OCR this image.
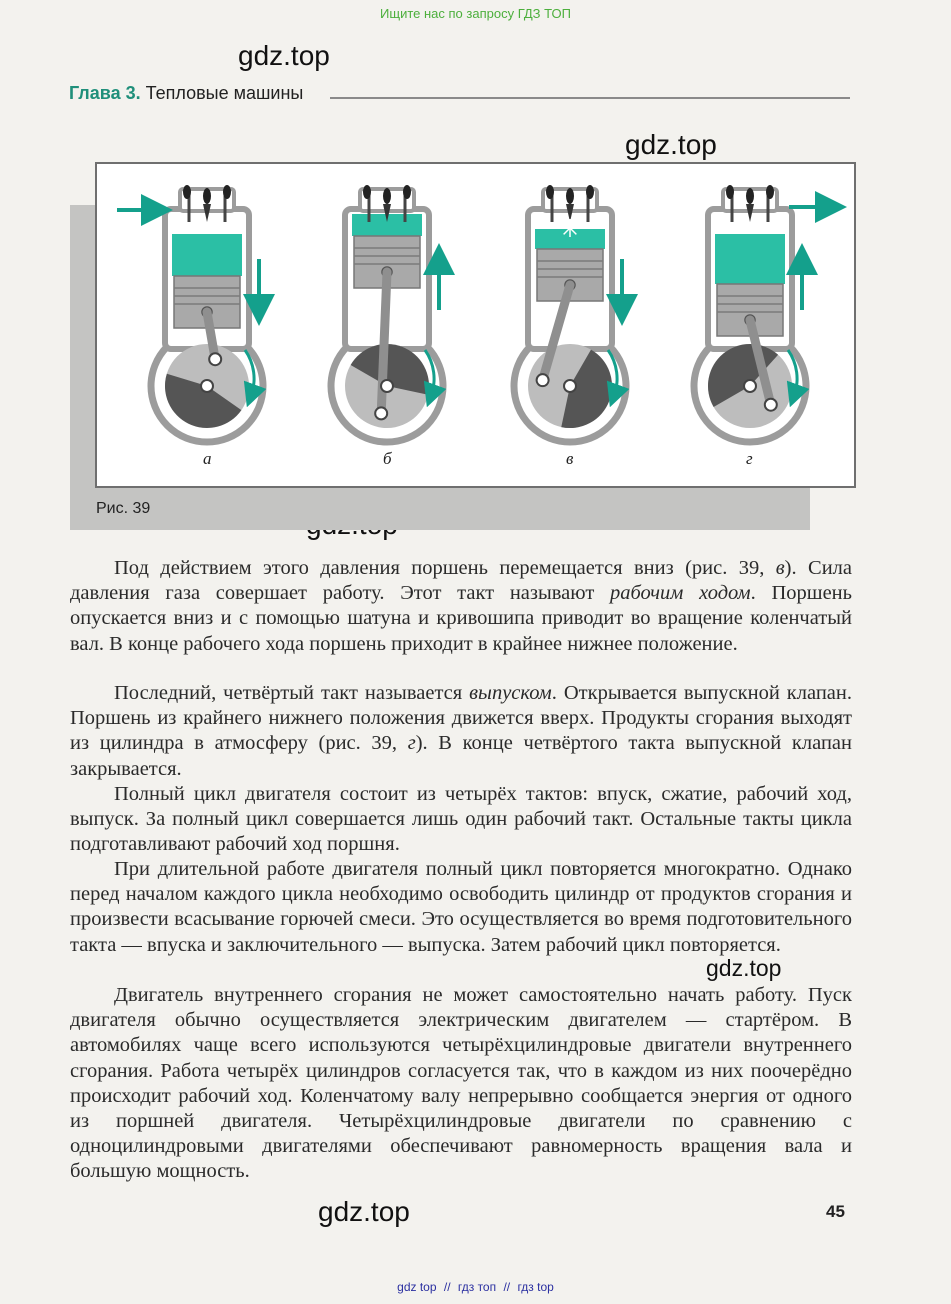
Ищите нас по запросу ГДЗ ТОП
gdz.top
gdz.top
gdz.top
gdz.top
Глава 3. Тепловые машины
а	б	в	г
Рис. 39

Под действием этого давления поршень перемещается вниз (рис. 39, в). Сила давления газа совершает работу. Этот такт называют рабочим ходом. Поршень опускается вниз и с помощью шатуна и кривошипа приводит во вращение коленчатый вал. В конце рабочего хода поршень приходит в крайнее нижнее положение.

Последний, четвёртый такт называется выпуском. Открывается выпускной клапан. Поршень из крайнего нижнего положения движется вверх. Продукты сгорания выходят из цилиндра в атмосферу (рис. 39, г). В конце четвёртого такта выпускной клапан закрывается.

Полный цикл двигателя состоит из четырёх тактов: впуск, сжатие, рабочий ход, выпуск. За полный цикл совершается лишь один рабочий такт. Остальные такты цикла подготавливают рабочий ход поршня.

При длительной работе двигателя полный цикл повторяется многократно. Однако перед началом каждого цикла необходимо освободить цилиндр от продуктов сгорания и произвести всасывание горючей смеси. Это осуществляется во время подготовительного такта — впуска и заключительного — выпуска. Затем рабочий цикл повторяется.

Двигатель внутреннего сгорания не может самостоятельно начать работу. Пуск двигателя обычно осуществляется электрическим двигателем — стартёром. В автомобилях чаще всего используются четырёхцилиндровые двигатели внутреннего сгорания. Работа четырёх цилиндров согласуется так, что в каждом из них поочерёдно происходит рабочий ход. Коленчатому валу непрерывно сообщается энергия от одного из поршней двигателя. Четырёхцилиндровые двигатели по сравнению с одноцилиндровыми двигателями обеспечивают равномерность вращения вала и большую мощность.

45
gdz top // гдз топ // гдз top
